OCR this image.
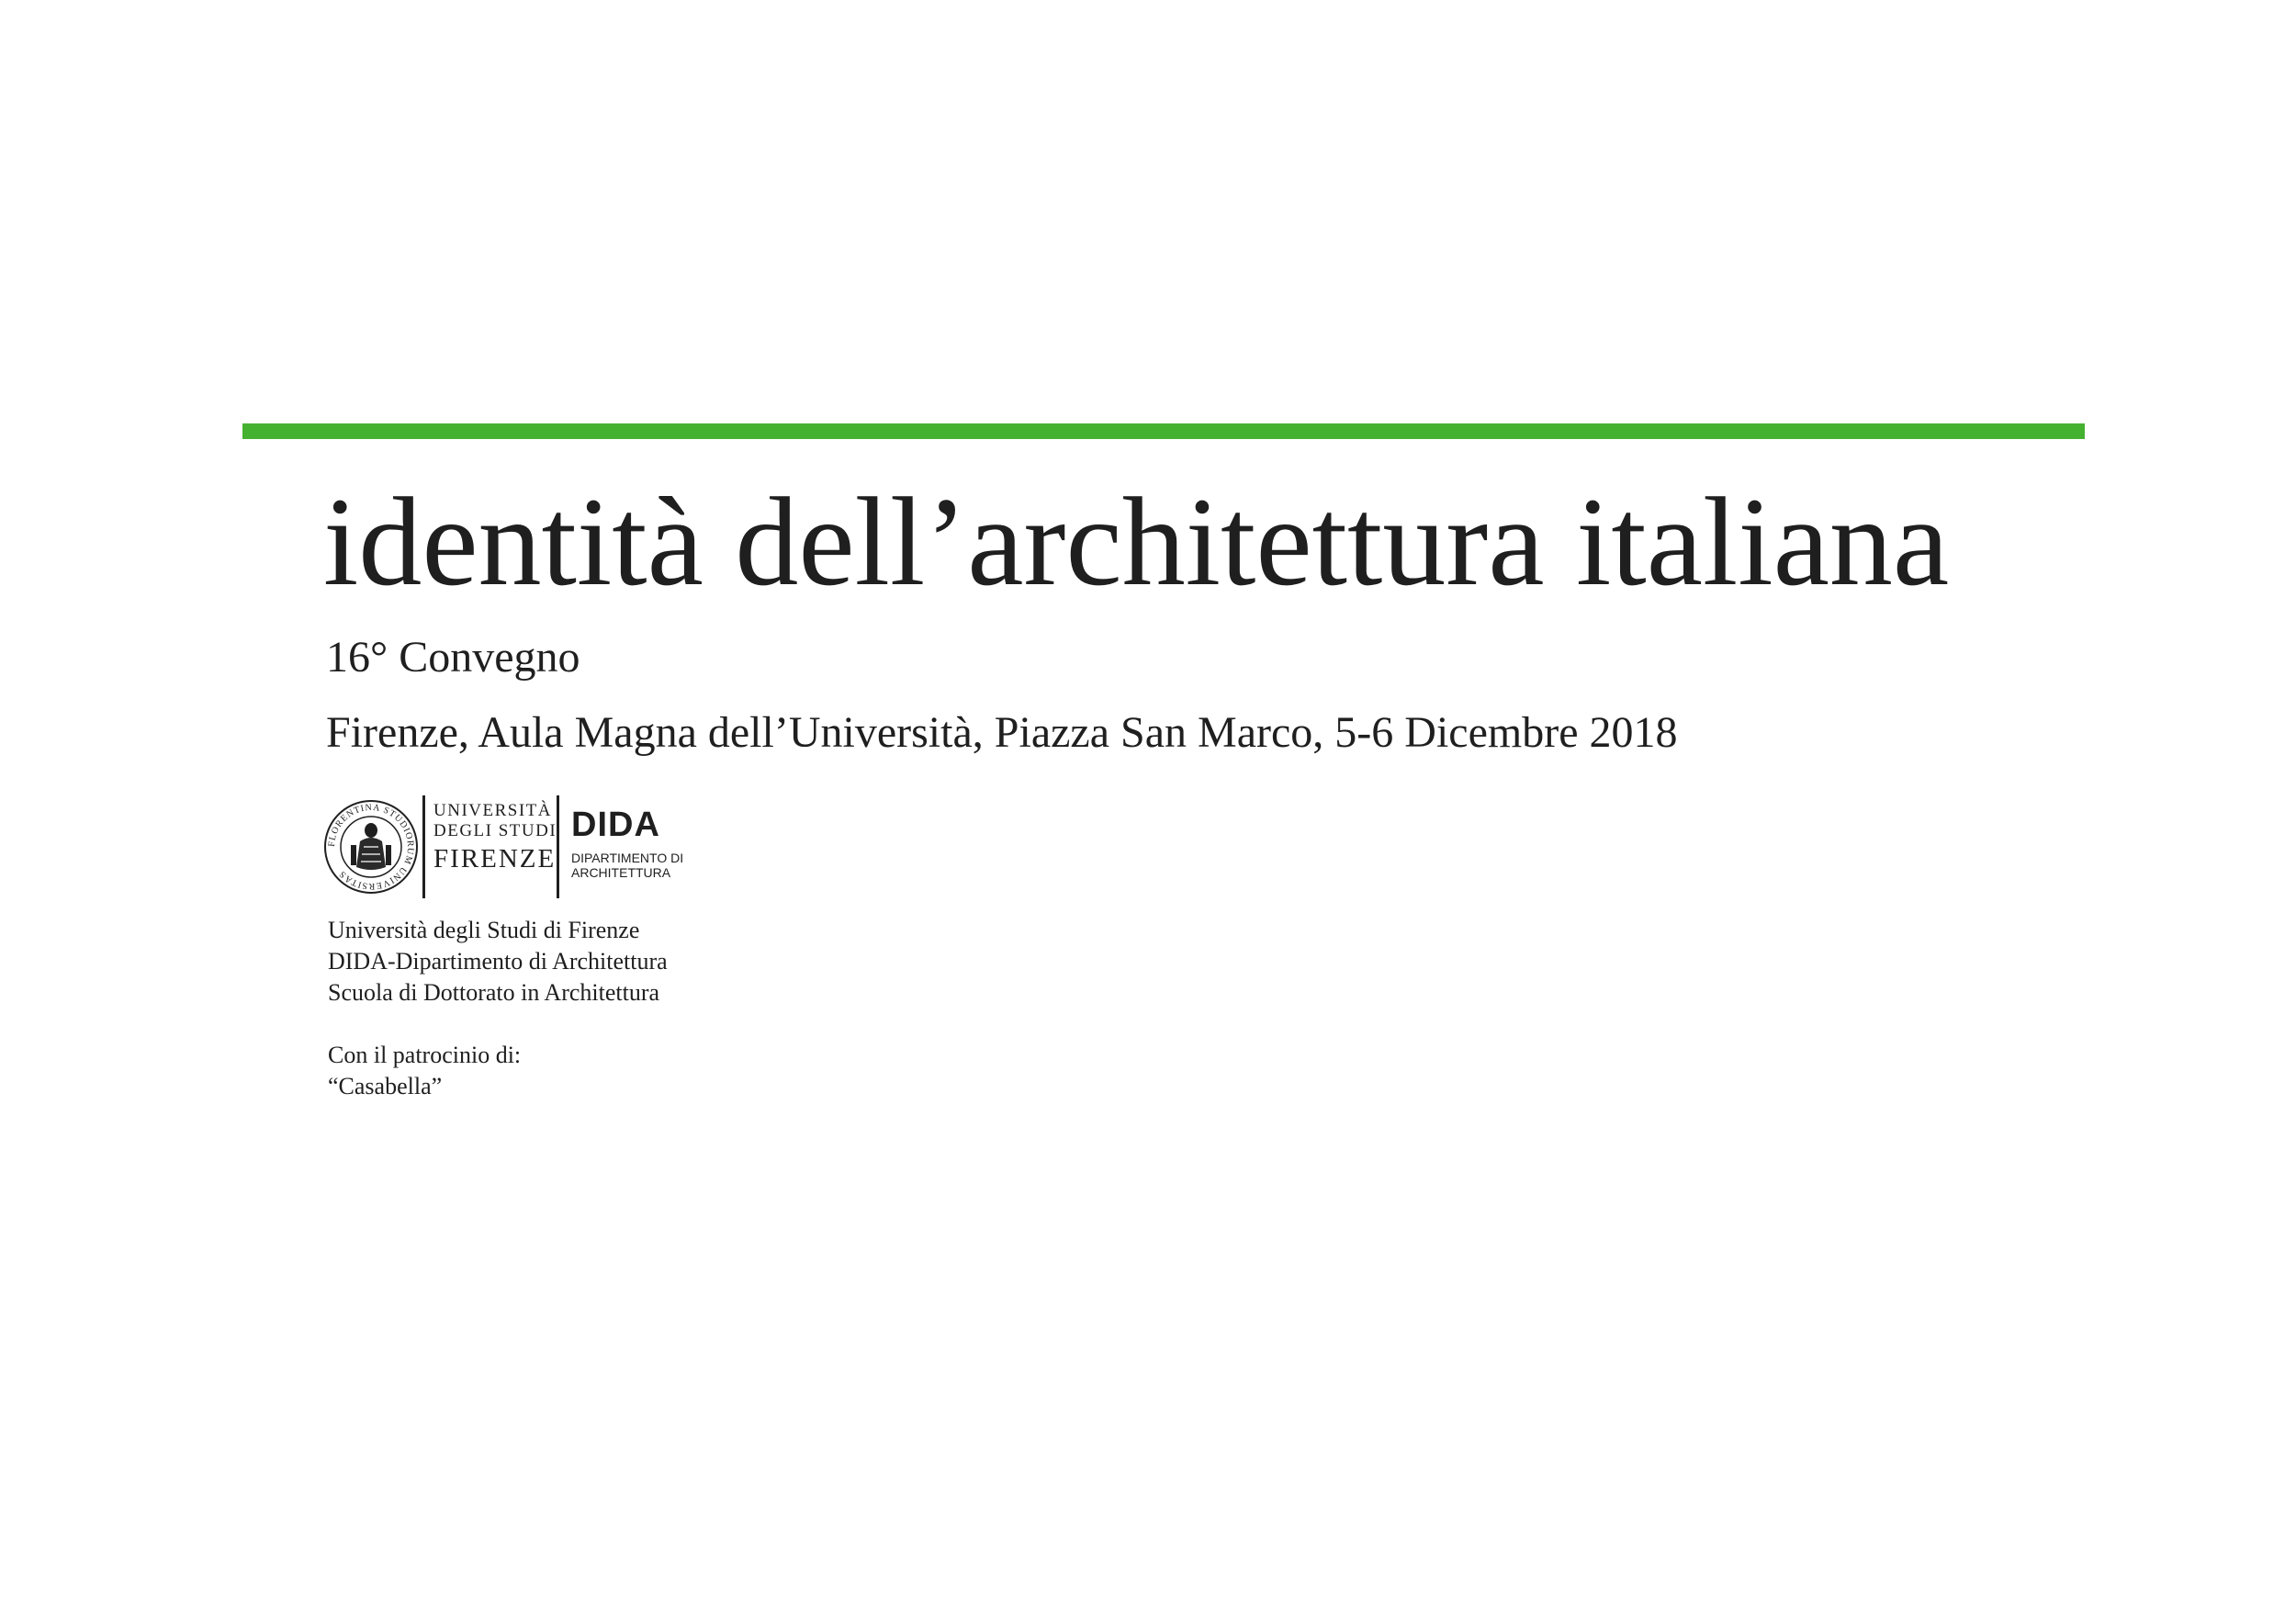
identità dell’architettura italiana
16° Convegno
Firenze, Aula Magna dell’Università, Piazza San Marco, 5-6 Dicembre 2018
FLORENTINA STUDIORUM UNIVERSITAS
UNIVERSITÀ
DEGLI STUDI
FIRENZE
DIDA
DIPARTIMENTO DI
ARCHITETTURA
Università degli Studi di Firenze
DIDA-Dipartimento di Architettura
Scuola di Dottorato in Architettura
Con il patrocinio di:
“Casabella”
